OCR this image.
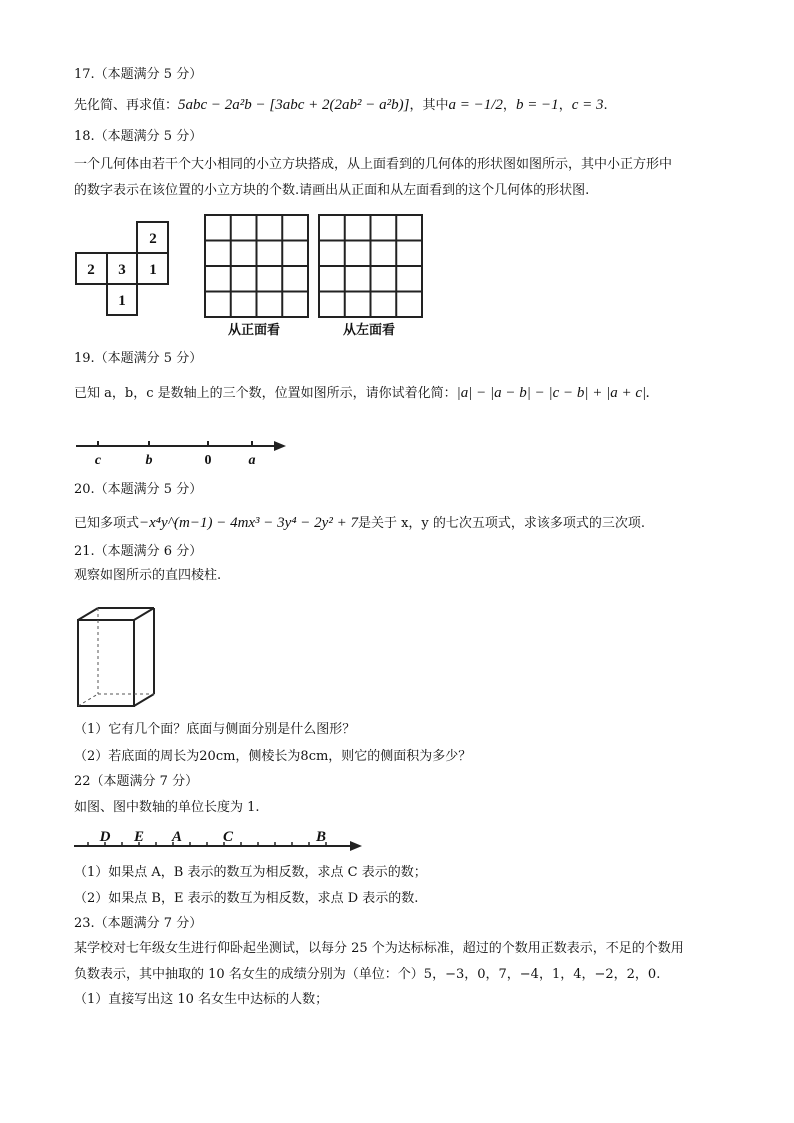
17.（本题满分 5 分）
先化简、再求值：5abc − 2a²b − [3abc + 2(2ab² − a²b)]，其中a = −1/2，b = −1，c = 3.
18.（本题满分 5 分）
一个几何体由若干个大小相同的小立方块搭成，从上面看到的几何体的形状图如图所示，其中小正方形中
的数字表示在该位置的小立方块的个数.请画出从正面和从左面看到的这个几何体的形状图.
2
2 3 1
1
从正面看	从左面看
19.（本题满分 5 分）
已知 a，b，c 是数轴上的三个数，位置如图所示，请你试着化简：|a| − |a − b| − |c − b| + |a + c|.
c	b	0	a
20.（本题满分 5 分）
已知多项式−x⁴y^(m−1) − 4mx³ − 3y⁴ − 2y² + 7是关于 x，y 的七次五项式，求该多项式的三次项.
21.（本题满分 6 分）
观察如图所示的直四棱柱.
（1）它有几个面？底面与侧面分别是什么图形？
（2）若底面的周长为20cm，侧棱长为8cm，则它的侧面积为多少？
22（本题满分 7 分）
如图、图中数轴的单位长度为 1.
D E A	C	B
（1）如果点 A，B 表示的数互为相反数，求点 C 表示的数；
（2）如果点 B，E 表示的数互为相反数，求点 D 表示的数.
23.（本题满分 7 分）
某学校对七年级女生进行仰卧起坐测试，以每分 25 个为达标标准，超过的个数用正数表示，不足的个数用
负数表示，其中抽取的 10 名女生的成绩分别为（单位：个）5，−3，0，7，−4，1，4，−2，2，0.
（1）直接写出这 10 名女生中达标的人数；
